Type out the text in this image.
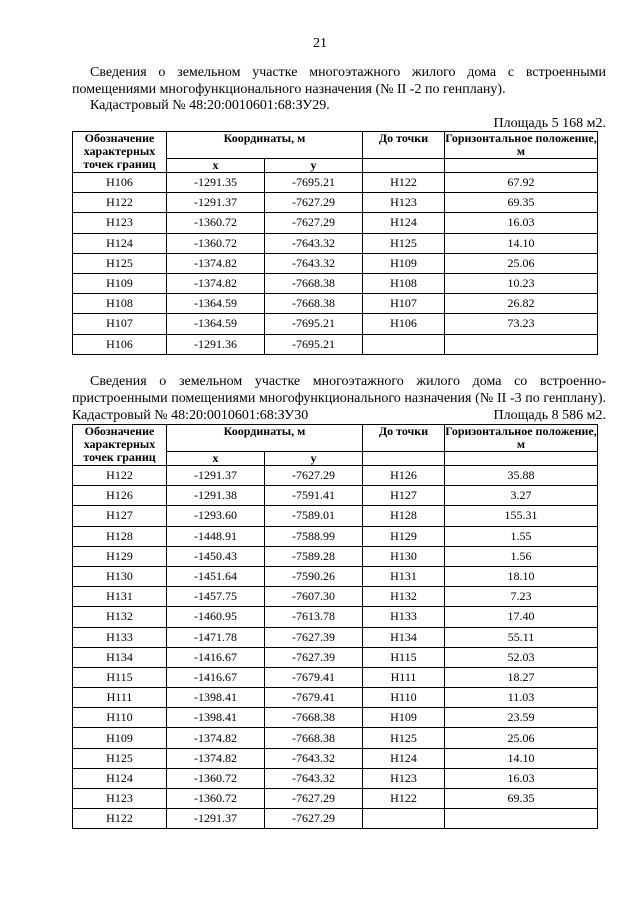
21
Сведения о земельном участке многоэтажного жилого дома с встроенными помещениями многофункционального назначения (№ II -2 по генплану).
Кадастровый № 48:20:0010601:68:ЗУ29.
Площадь 5 168 м2.
Обозначение характерных точек границ	Координаты, м		До точки	Горизонтальное положение, м
	x	y		
Н106	-1291.35	-7695.21	Н122	67.92
Н122	-1291.37	-7627.29	Н123	69.35
Н123	-1360.72	-7627.29	Н124	16.03
Н124	-1360.72	-7643.32	Н125	14.10
Н125	-1374.82	-7643.32	Н109	25.06
Н109	-1374.82	-7668.38	Н108	10.23
Н108	-1364.59	-7668.38	Н107	26.82
Н107	-1364.59	-7695.21	Н106	73.23
Н106	-1291.36	-7695.21		
Сведения о земельном участке многоэтажного жилого дома со встроенно-пристроенными помещениями многофункционального назначения (№ II -3 по генплану). Кадастровый № 48:20:0010601:68:ЗУ30	Площадь 8 586 м2.
Обозначение характерных точек границ	Координаты, м		До точки	Горизонтальное положение, м
	x	y		
Н122	-1291.37	-7627.29	Н126	35.88
Н126	-1291.38	-7591.41	Н127	3.27
Н127	-1293.60	-7589.01	Н128	155.31
Н128	-1448.91	-7588.99	Н129	1.55
Н129	-1450.43	-7589.28	Н130	1.56
Н130	-1451.64	-7590.26	Н131	18.10
Н131	-1457.75	-7607.30	Н132	7.23
Н132	-1460.95	-7613.78	Н133	17.40
Н133	-1471.78	-7627.39	Н134	55.11
Н134	-1416.67	-7627.39	Н115	52.03
Н115	-1416.67	-7679.41	Н111	18.27
Н111	-1398.41	-7679.41	Н110	11.03
Н110	-1398.41	-7668.38	Н109	23.59
Н109	-1374.82	-7668.38	Н125	25.06
Н125	-1374.82	-7643.32	Н124	14.10
Н124	-1360.72	-7643.32	Н123	16.03
Н123	-1360.72	-7627.29	Н122	69.35
Н122	-1291.37	-7627.29		
